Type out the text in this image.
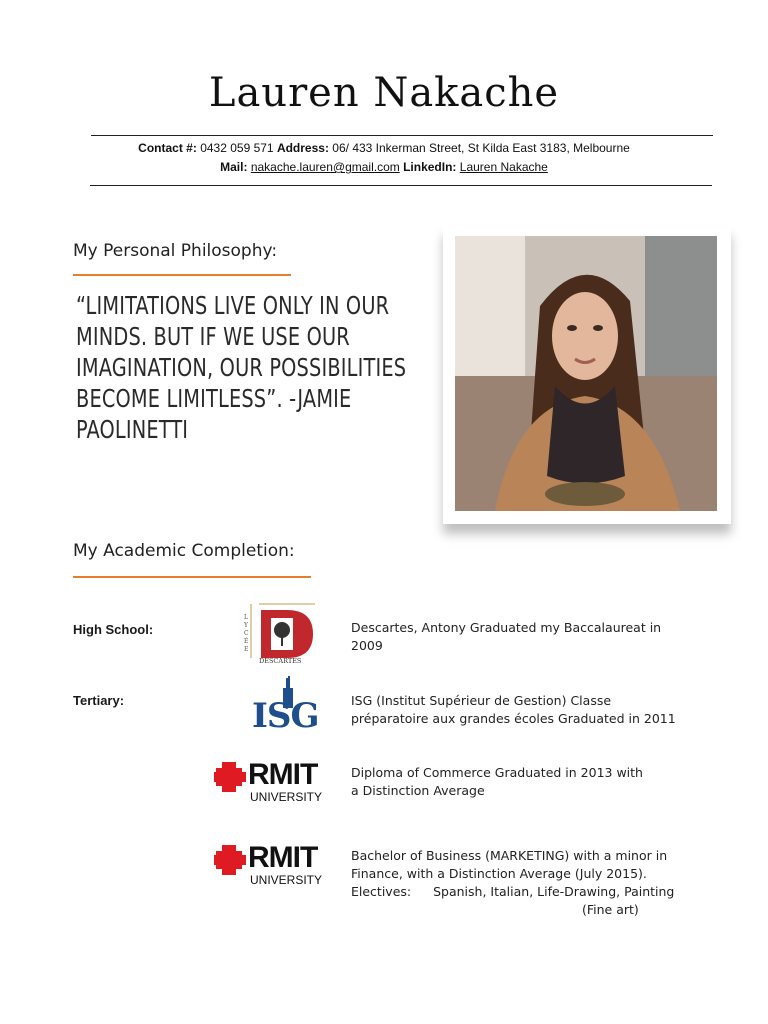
Lauren Nakache
Contact #: 0432 059 571 Address: 06/ 433 Inkerman Street, St Kilda East 3183, Melbourne
Mail: nakache.lauren@gmail.com LinkedIn: Lauren Nakache
My Personal Philosophy:
“LIMITATIONS LIVE ONLY IN OUR MINDS. BUT IF WE USE OUR IMAGINATION, OUR POSSIBILITIES BECOME LIMITLESS”. -JAMIE PAOLINETTI
My Academic Completion:
High School:
LYCÉE
DESCARTES
Descartes, Antony Graduated my Baccalaureat in
2009
Tertiary:	ISG	ISG (Institut Supérieur de Gestion) Classe
préparatoire aux grandes écoles Graduated in 2011
RMIT
UNIVERSITY
Diploma of Commerce Graduated in 2013 with
a Distinction Average
RMIT
UNIVERSITY
Bachelor of Business (MARKETING) with a minor in
Finance, with a Distinction Average (July 2015).
Electives: Spanish, Italian, Life-Drawing, Painting
(Fine art)
